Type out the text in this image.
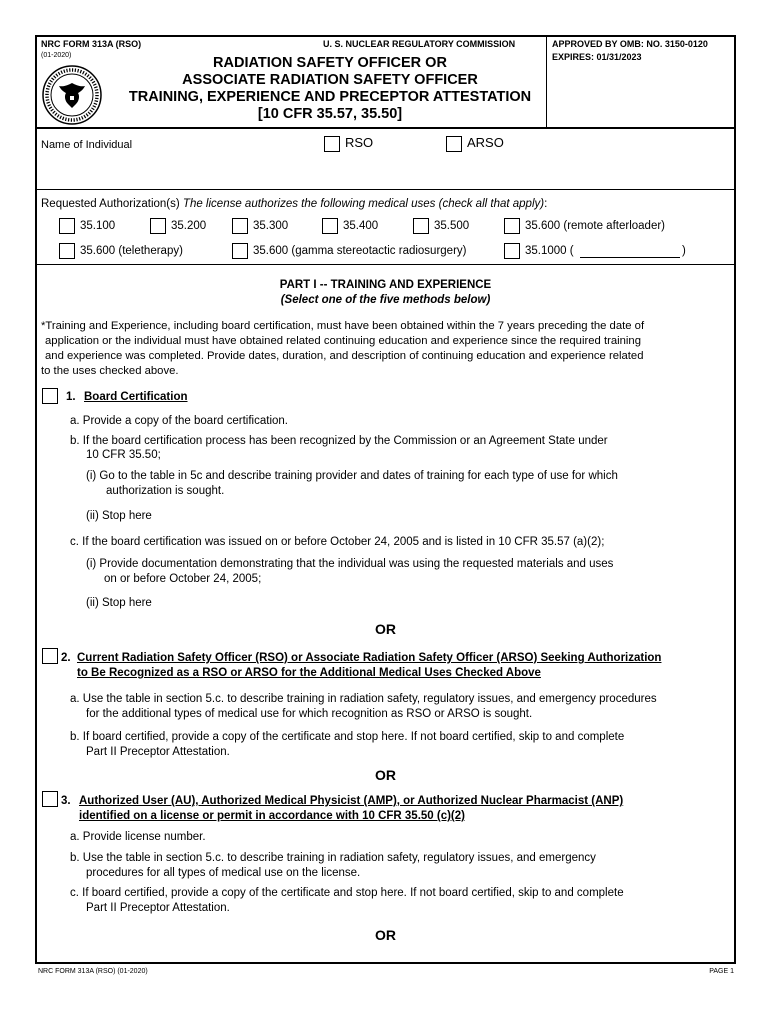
NRC FORM 313A (RSO)
(01-2020)
U. S. NUCLEAR REGULATORY COMMISSION
RADIATION SAFETY OFFICER OR
ASSOCIATE RADIATION SAFETY OFFICER
TRAINING, EXPERIENCE AND PRECEPTOR ATTESTATION
[10 CFR 35.57, 35.50]
APPROVED BY OMB: NO. 3150-0120
EXPIRES: 01/31/2023
Name of Individual	RSO	ARSO
Requested Authorization(s) The license authorizes the following medical uses (check all that apply):
35.100	35.200	35.300	35.400	35.500	35.600 (remote afterloader)
35.600 (teletherapy)	35.600 (gamma stereotactic radiosurgery)	35.1000 (	)
PART I -- TRAINING AND EXPERIENCE
(Select one of the five methods below)
*Training and Experience, including board certification, must have been obtained within the 7 years preceding the date of
application or the individual must have obtained related continuing education and experience since the required training
and experience was completed. Provide dates, duration, and description of continuing education and experience related
to the uses checked above.
1. Board Certification
a. Provide a copy of the board certification.
b. If the board certification process has been recognized by the Commission or an Agreement State under
10 CFR 35.50;
(i) Go to the table in 5c and describe training provider and dates of training for each type of use for which
authorization is sought.
(ii) Stop here
c. If the board certification was issued on or before October 24, 2005 and is listed in 10 CFR 35.57 (a)(2);
(i) Provide documentation demonstrating that the individual was using the requested materials and uses
on or before October 24, 2005;
(ii) Stop here
OR
2. Current Radiation Safety Officer (RSO) or Associate Radiation Safety Officer (ARSO) Seeking Authorization
to Be Recognized as a RSO or ARSO for the Additional Medical Uses Checked Above
a. Use the table in section 5.c. to describe training in radiation safety, regulatory issues, and emergency procedures
for the additional types of medical use for which recognition as RSO or ARSO is sought.
b. If board certified, provide a copy of the certificate and stop here. If not board certified, skip to and complete
Part II Preceptor Attestation.
OR
3. Authorized User (AU), Authorized Medical Physicist (AMP), or Authorized Nuclear Pharmacist (ANP)
identified on a license or permit in accordance with 10 CFR 35.50 (c)(2)
a. Provide license number.
b. Use the table in section 5.c. to describe training in radiation safety, regulatory issues, and emergency
procedures for all types of medical use on the license.
c. If board certified, provide a copy of the certificate and stop here. If not board certified, skip to and complete
Part II Preceptor Attestation.
OR
NRC FORM 313A (RSO) (01-2020)	PAGE 1
